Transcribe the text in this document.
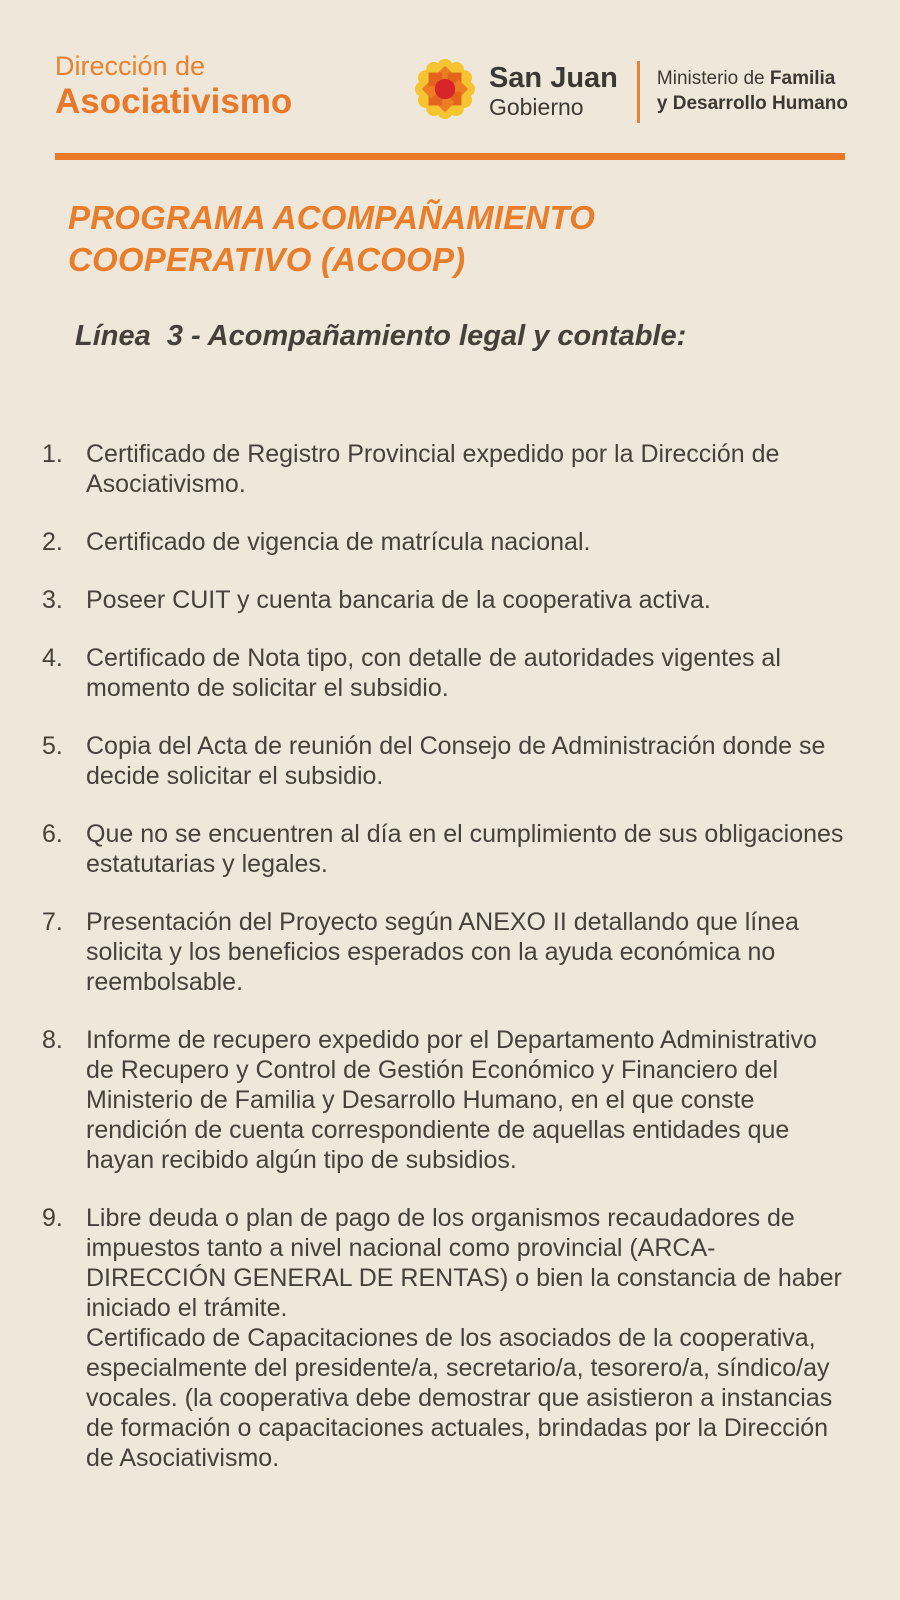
Dirección de
Asociativismo
San Juan
Gobierno
Ministerio de Familia
y Desarrollo Humano
PROGRAMA ACOMPAÑAMIENTO COOPERATIVO (ACOOP)
Línea  3 - Acompañamiento legal y contable:
1. Certificado de Registro Provincial expedido por la Dirección de Asociativismo.

2. Certificado de vigencia de matrícula nacional.

3. Poseer CUIT y cuenta bancaria de la cooperativa activa.

4. Certificado de Nota tipo, con detalle de autoridades vigentes al momento de solicitar el subsidio.

5. Copia del Acta de reunión del Consejo de Administración donde se decide solicitar el subsidio.

6. Que no se encuentren al día en el cumplimiento de sus obligaciones estatutarias y legales.

7. Presentación del Proyecto según ANEXO II detallando que línea solicita y los beneficios esperados con la ayuda económica no reembolsable.

8. Informe de recupero expedido por el Departamento Administrativo de Recupero y Control de Gestión Económico y Financiero del Ministerio de Familia y Desarrollo Humano, en el que conste rendición de cuenta correspondiente de aquellas entidades que hayan recibido algún tipo de subsidios.

9. Libre deuda o plan de pago de los organismos recaudadores de impuestos tanto a nivel nacional como provincial (ARCA-DIRECCIÓN GENERAL DE RENTAS) o bien la constancia de haber iniciado el trámite.

Certificado de Capacitaciones de los asociados de la cooperativa, especialmente del presidente/a, secretario/a, tesorero/a, síndico/ay vocales. (la cooperativa debe demostrar que asistieron a instancias de formación o capacitaciones actuales, brindadas por la Dirección de Asociativismo.
